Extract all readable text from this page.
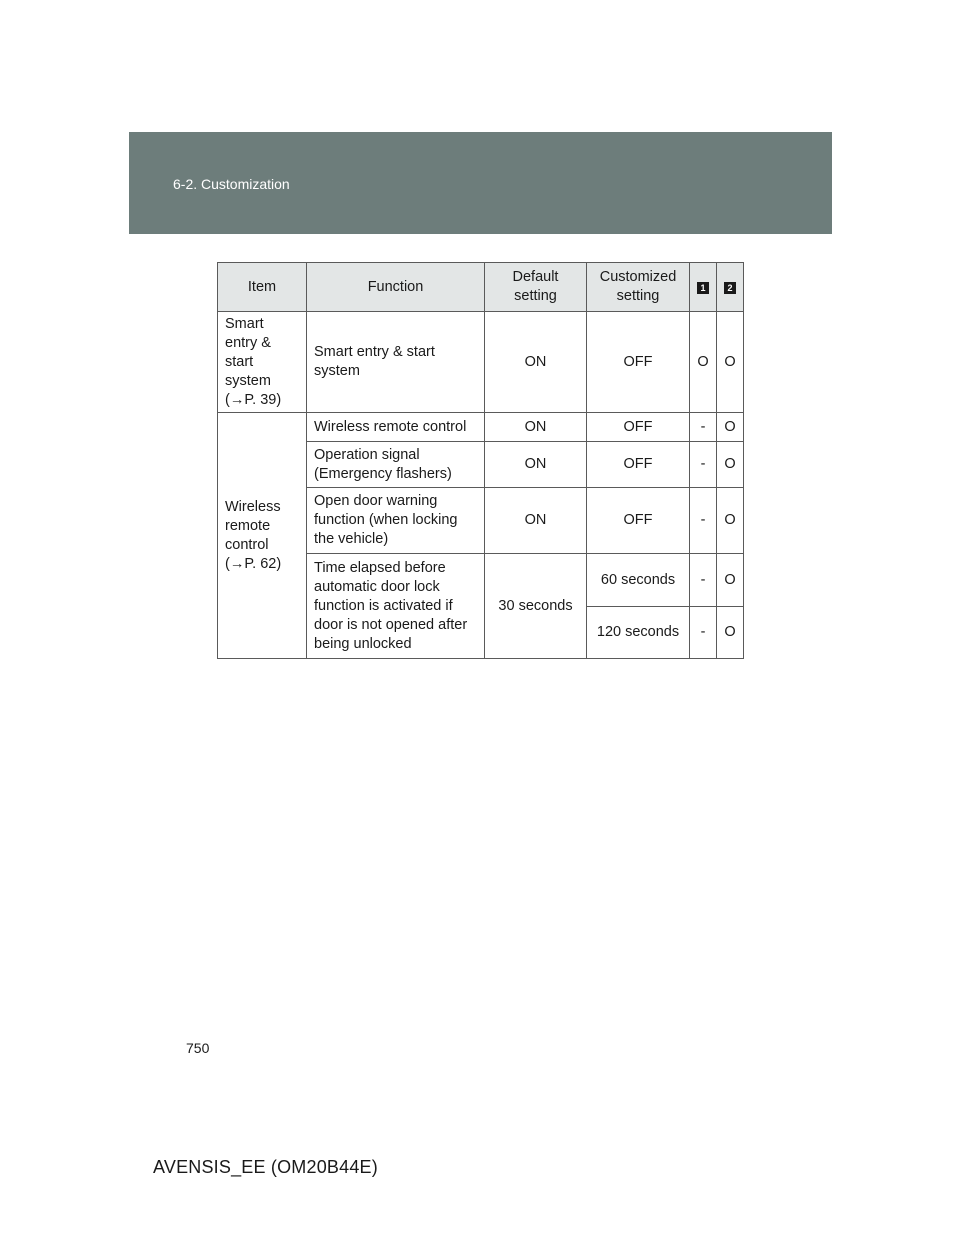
6-2. Customization
Item	Function	Default setting	Customized setting	1	2
Smart entry & start system (→P. 39)	Smart entry & start system	ON	OFF	O	O
Wireless remote control (→P. 62)	Wireless remote control	ON	OFF	-	O
	Operation signal (Emergency flashers)	ON	OFF	-	O
	Open door warning function (when locking the vehicle)	ON	OFF	-	O
	Time elapsed before automatic door lock function is activated if door is not opened after being unlocked	30 seconds	60 seconds	-	O
			120 seconds	-	O
750
AVENSIS_EE (OM20B44E)
